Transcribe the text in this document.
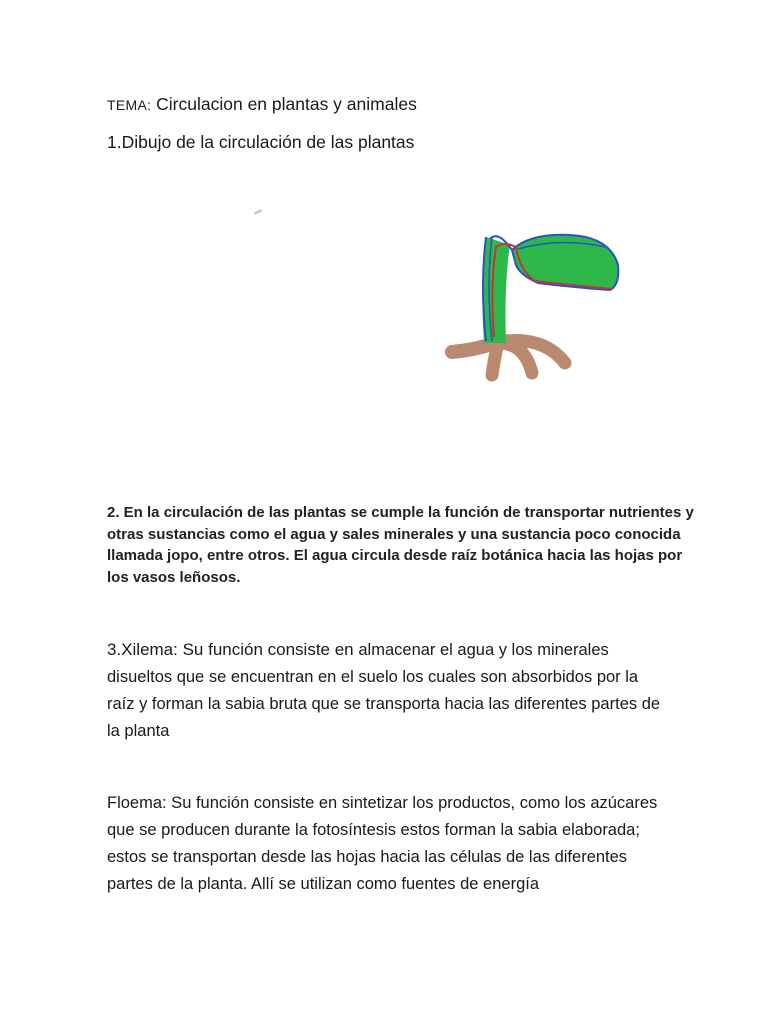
TEMA: Circulacion en plantas y animales
1.Dibujo de la circulación de las plantas
2. En la circulación de las plantas se cumple la función de transportar nutrientes y otras sustancias como el agua y sales minerales y una sustancia poco conocida llamada jopo, entre otros. El agua circula desde raíz botánica hacia las hojas por los vasos leñosos.
3.Xilema: Su función consiste en almacenar el agua y los minerales disueltos que se encuentran en el suelo los cuales son absorbidos por la raíz y forman la sabia bruta que se transporta hacia las diferentes partes de la planta
Floema: Su función consiste en sintetizar los productos, como los azúcares que se producen durante la fotosíntesis estos forman la sabia elaborada; estos se transportan desde las hojas hacia las células de las diferentes partes de la planta. Allí se utilizan como fuentes de energía
